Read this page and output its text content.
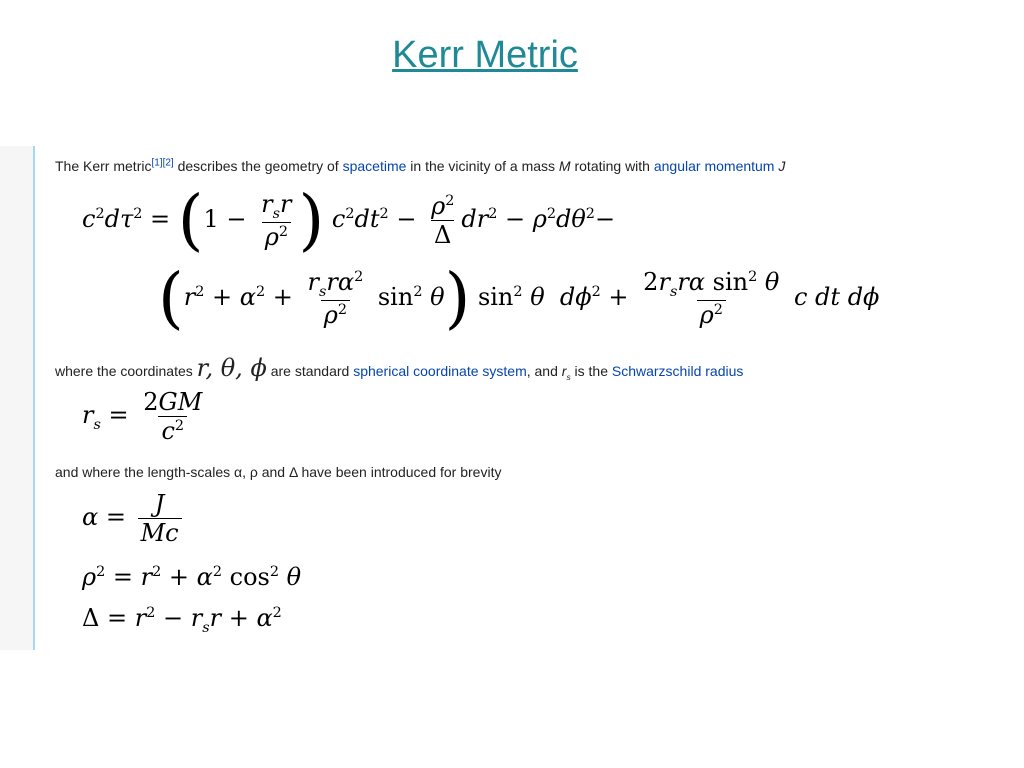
Kerr Metric
The Kerr metric[1][2] describes the geometry of spacetime in the vicinity of a mass M rotating with angular momentum J
$c^2d\tau^2 = (1 - \frac{r_sr}{\rho^2}$ ) $c^2dt^2 - \frac{\rho^2}{\Delta} dr^2 - \rho^2d\theta^2-$
$(r^2 + \alpha^2 + \frac{r_sr\alpha^2}{\rho^2} \sin^2 \theta)$ $\sin^2 \theta$ $d\phi^2 + \frac{2r_sr\alpha \sin^2 \theta}{\rho^2}$ c dt dϕ
where the coordinates r, θ, ϕ are standard spherical coordinate system, and $r_s$ is the Schwarzschild radius
$r_s = \frac{2GM}{c^2}$
and where the length-scales α, ρ and Δ have been introduced for brevity
$\alpha = \frac{J}{Mc}$
$\rho^2 = r^2 + \alpha^2$ $\cos^2 \theta$
$\Delta = r^2 - r_sr + \alpha^2$
